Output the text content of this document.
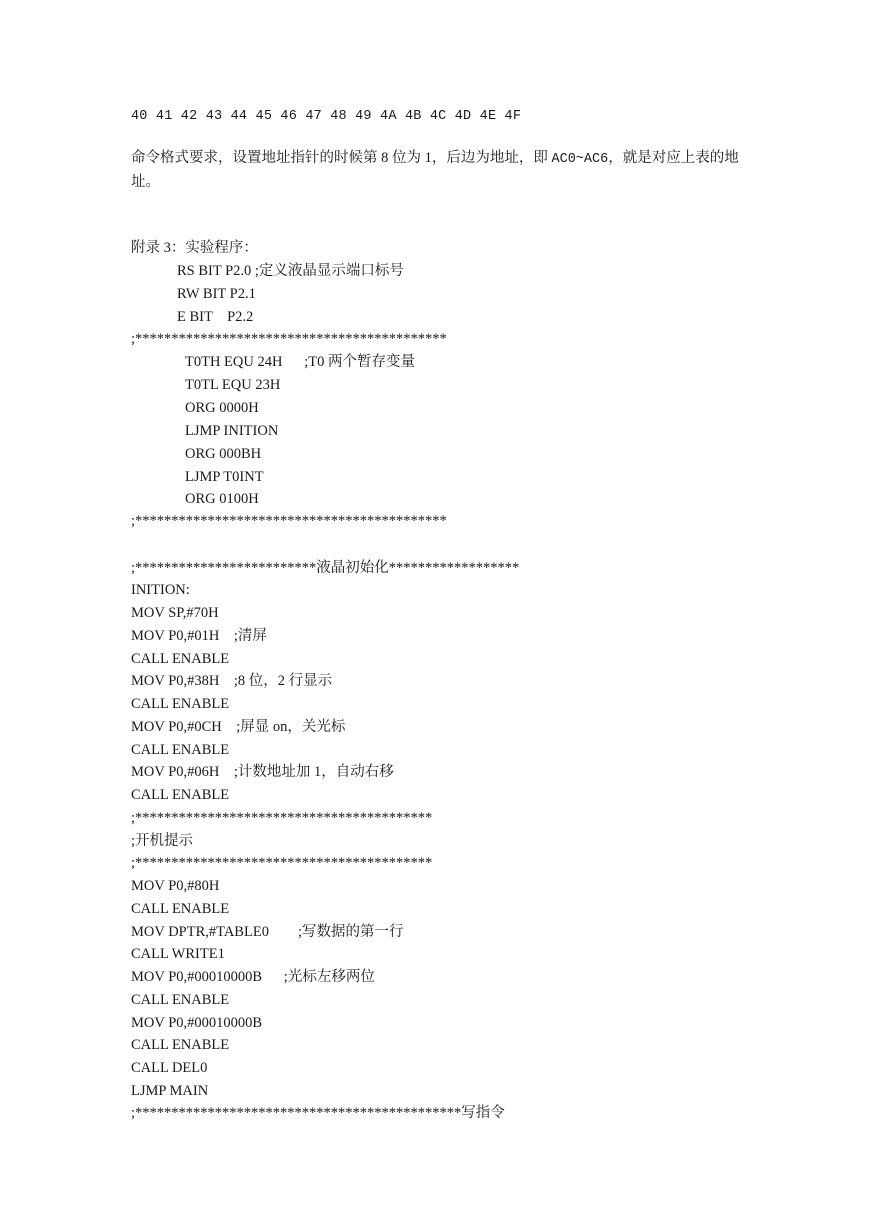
40 41 42 43 44 45 46 47 48 49 4A 4B 4C 4D 4E 4F
命令格式要求，设置地址指针的时候第 8 位为 1，后边为地址，即 AC0~AC6，就是对应上表的地址。
附录 3：实验程序：
RS BIT P2.0 ;定义液晶显示端口标号
RW BIT P2.1
E BIT    P2.2
;*******************************************
T0TH EQU 24H      ;T0 两个暂存变量
T0TL EQU 23H
ORG 0000H
LJMP INITION
ORG 000BH
LJMP T0INT
ORG 0100H
;*******************************************
;*************************液晶初始化******************
INITION:
MOV SP,#70H
MOV P0,#01H    ;清屏
CALL ENABLE
MOV P0,#38H    ;8 位，2 行显示
CALL ENABLE
MOV P0,#0CH    ;屏显 on，关光标
CALL ENABLE
MOV P0,#06H    ;计数地址加 1，自动右移
CALL ENABLE
;*****************************************
;开机提示
;*****************************************
MOV P0,#80H
CALL ENABLE
MOV DPTR,#TABLE0        ;写数据的第一行
CALL WRITE1
MOV P0,#00010000B      ;光标左移两位
CALL ENABLE
MOV P0,#00010000B
CALL ENABLE
CALL DEL0
LJMP MAIN
;*********************************************写指令
